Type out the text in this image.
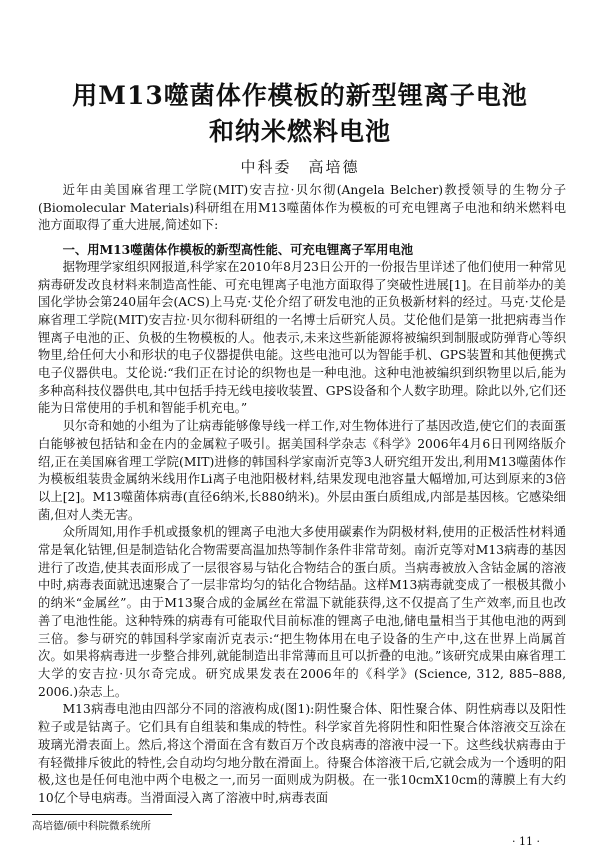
用M13噬菌体作模板的新型锂离子电池
和纳米燃料电池
中科委　高培德

近年由美国麻省理工学院(MIT)安吉拉·贝尔彻(Angela Belcher)教授领导的生物分子(Biomolecular Materials)科研组在用M13噬菌体作为模板的可充电锂离子电池和纳米燃料电池方面取得了重大进展,简述如下:

一、用M13噬菌体作模板的新型高性能、可充电锂离子军用电池

据物理学家组织网报道,科学家在2010年8月23日公开的一份报告里详述了他们使用一种常见病毒研发改良材料来制造高性能、可充电锂离子电池方面取得了突破性进展[1]。在目前举办的美国化学协会第240届年会(ACS)上马克·艾伦介绍了研发电池的正负极新材料的经过。马克·艾伦是麻省理工学院(MIT)安吉拉·贝尔彻科研组的一名博士后研究人员。艾伦他们是第一批把病毒当作锂离子电池的正、负极的生物模板的人。他表示,未来这些新能源将被编织到制服或防弹背心等织物里,给任何大小和形状的电子仪器提供电能。这些电池可以为智能手机、GPS装置和其他便携式电子仪器供电。艾伦说:“我们正在讨论的织物也是一种电池。这种电池被编织到织物里以后,能为多种高科技仪器供电,其中包括手持无线电接收装置、GPS设备和个人数字助理。除此以外,它们还能为日常使用的手机和智能手机充电。”

贝尔奇和她的小组为了让病毒能够像导线一样工作,对生物体进行了基因改造,使它们的表面蛋白能够被包括钴和金在内的金属粒子吸引。据美国科学杂志《科学》2006年4月6日刊网络版介绍,正在美国麻省理工学院(MIT)进修的韩国科学家南沂克等3人研究组开发出,利用M13噬菌体作为模板组装贵金属纳米线用作Li离子电池阳极材料,结果发现电池容量大幅增加,可达到原来的3倍以上[2]。M13噬菌体病毒(直径6纳米,长880纳米)。外层由蛋白质组成,内部是基因核。它感染细菌,但对人类无害。

众所周知,用作手机或摄象机的锂离子电池大多使用碳素作为阴极材料,使用的正极活性材料通常是氧化钴锂,但是制造钴化合物需要高温加热等制作条件非常苛刻。南沂克等对M13病毒的基因进行了改造,使其表面形成了一层很容易与钴化合物结合的蛋白质。当病毒被放入含钴金属的溶液中时,病毒表面就迅速聚合了一层非常均匀的钴化合物结晶。这样M13病毒就变成了一根极其微小的纳米“金属丝”。由于M13聚合成的金属丝在常温下就能获得,这不仅提高了生产效率,而且也改善了电池性能。这种特殊的病毒有可能取代目前标准的锂离子电池,储电量相当于其他电池的两到三倍。参与研究的韩国科学家南沂克表示:“把生物体用在电子设备的生产中,这在世界上尚属首次。如果将病毒进一步整合排列,就能制造出非常薄而且可以折叠的电池。”该研究成果由麻省理工大学的安吉拉·贝尔奇完成。研究成果发表在2006年的《科学》(Science, 312, 885–888, 2006.)杂志上。

M13病毒电池由四部分不同的溶液构成(图1):阴性聚合体、阳性聚合体、阴性病毒以及阳性粒子或是钴离子。它们具有自组装和集成的特性。科学家首先将阴性和阳性聚合体溶液交互涂在玻璃光滑表面上。然后,将这个滑面在含有数百万个改良病毒的溶液中浸一下。这些线状病毒由于有轻微排斥彼此的特性,会自动均匀地分散在滑面上。待聚合体溶液干后,它就会成为一个透明的阳极,这也是任何电池中两个电极之一,而另一面则成为阴极。在一张10cmX10cm的薄膜上有大约10亿个导电病毒。当滑面浸入离了溶液中时,病毒表面

高培德/硕中科院微系统所
· 11 ·
